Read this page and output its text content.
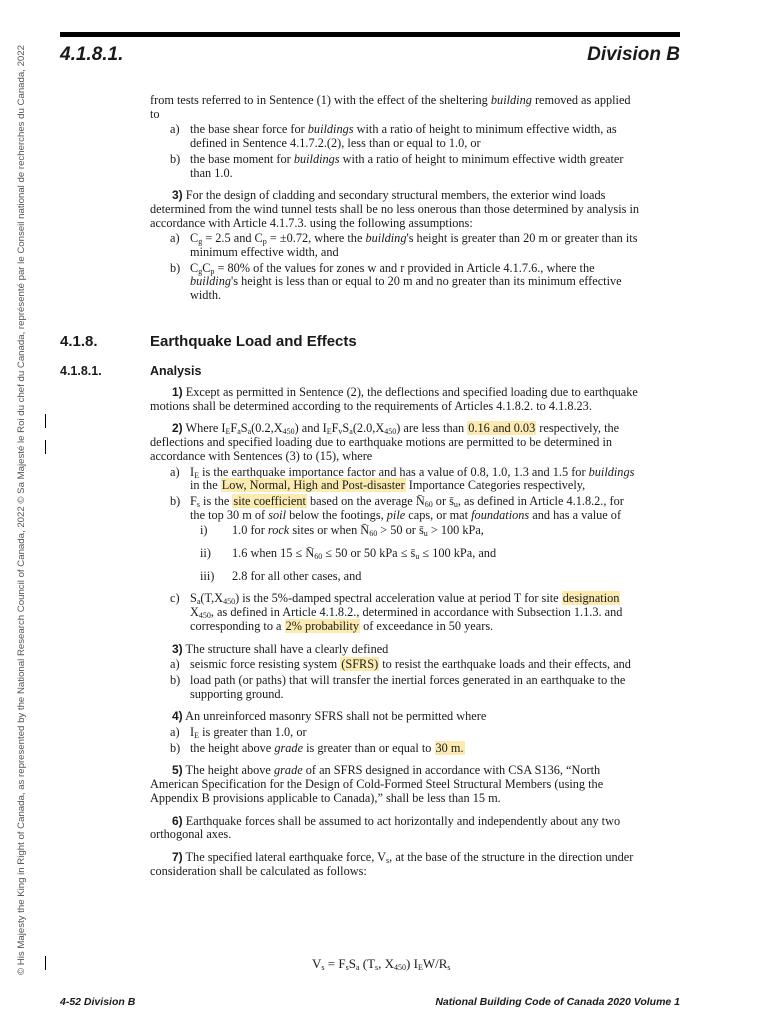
© His Majesty the King in Right of Canada, as represented by the National Research Council of Canada, 2022 © Sa Majesté le Roi du chef du Canada, représenté par le Conseil national de recherches du Canada, 2022
4.1.8.1.	Division B

from tests referred to in Sentence (1) with the effect of the sheltering building removed as applied to

a) the base shear force for buildings with a ratio of height to minimum effective width, as defined in Sentence 4.1.7.2.(2), less than or equal to 1.0, or

b) the base moment for buildings with a ratio of height to minimum effective width greater than 1.0.

3) For the design of cladding and secondary structural members, the exterior wind loads determined from the wind tunnel tests shall be no less onerous than those determined by analysis in accordance with Article 4.1.7.3. using the following assumptions:

a) $C_g = 2.5$ and $C_p = \pm 0.72$, where the building's height is greater than 20 m or greater than its minimum effective width, and

b) $C_gC_p = 80\%$ of the values for zones w and r provided in Article 4.1.7.6., where the building's height is less than or equal to 20 m and no greater than its minimum effective width.

4.1.8.	Earthquake Load and Effects
4.1.8.1.	Analysis

1) Except as permitted in Sentence (2), the deflections and specified loading due to earthquake motions shall be determined according to the requirements of Articles 4.1.8.2. to 4.1.8.23.

2) Where $I_EF_aS_a(0.2,X_{450})$ and $I_EF_vS_a(2.0,X_{450})$ are less than 0.16 and 0.03 respectively, the deflections and specified loading due to earthquake motions are permitted to be determined in accordance with Sentences (3) to (15), where

a) $I_E$ is the earthquake importance factor and has a value of 0.8, 1.0, 1.3 and 1.5 for buildings in the Low, Normal, High and Post-disaster Importance Categories respectively,

b) $F_s$ is the site coefficient based on the average $N̄_{60}$ or $s̄_u$, as defined in Article 4.1.8.2., for the top 30 m of soil below the footings, pile caps, or mat foundations and has a value of

i) 1.0 for rock sites or when $N̄_{60} > 50$ or $s̄_u > 100$ kPa,

ii) 1.6 when $15 \le N̄_{60} \le 50$ or 50 kPa ≤ $s̄_u \le 100$ kPa, and

iii) 2.8 for all other cases, and

c) $S_a(T,X_{450})$ is the 5%-damped spectral acceleration value at period T for site designation $X_{450}$, as defined in Article 4.1.8.2., determined in accordance with Subsection 1.1.3. and corresponding to a 2% probability of exceedance in 50 years.

3) The structure shall have a clearly defined

a) seismic force resisting system (SFRS) to resist the earthquake loads and their effects, and

b) load path (or paths) that will transfer the inertial forces generated in an earthquake to the supporting ground.

4) An unreinforced masonry SFRS shall not be permitted where

a) $I_E$ is greater than 1.0, or

b) the height above grade is greater than or equal to 30 m.

5) The height above grade of an SFRS designed in accordance with CSA S136, “North American Specification for the Design of Cold-Formed Steel Structural Members (using the Appendix B provisions applicable to Canada),” shall be less than 15 m.

6) Earthquake forces shall be assumed to act horizontally and independently about any two orthogonal axes.

7) The specified lateral earthquake force, $V_s$, at the base of the structure in the direction under consideration shall be calculated as follows:

$V_s = F_sS_a$ ($T_s$, $X_{450}$) $I_EW/R_s$
4-52 Division B	National Building Code of Canada 2020 Volume 1
